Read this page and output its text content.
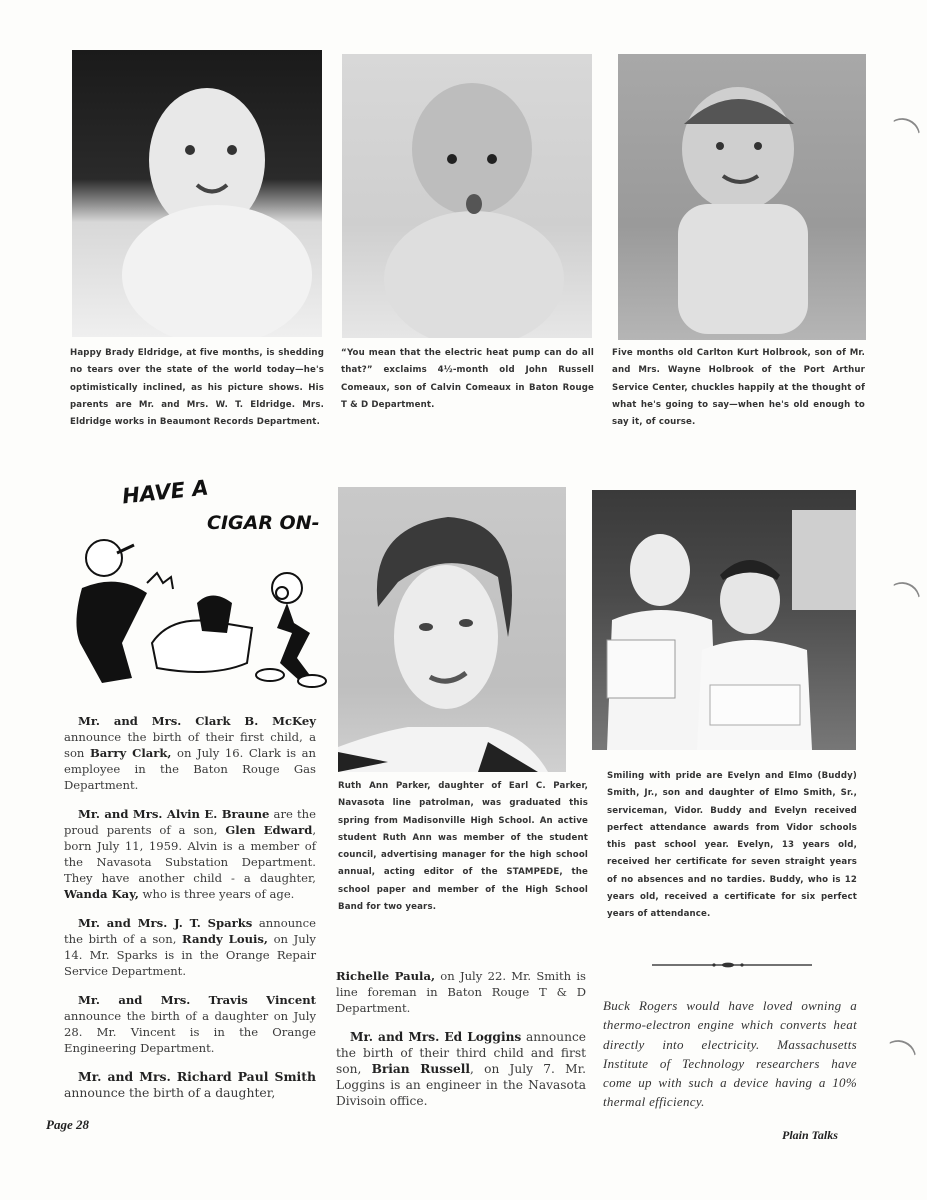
Happy Brady Eldridge, at five months, is shedding no tears over the state of the world today—he's optimistically inclined, as his picture shows. His parents are Mr. and Mrs. W. T. Eldridge. Mrs. Eldridge works in Beaumont Records Department.
“You mean that the electric heat pump can do all that?” exclaims 4½-month old John Russell Comeaux, son of Calvin Comeaux in Baton Rouge T & D Department.
Five months old Carlton Kurt Holbrook, son of Mr. and Mrs. Wayne Holbrook of the Port Arthur Service Center, chuckles happily at the thought of what he's going to say—when he's old enough to say it, of course.
HAVE A
CIGAR ON-

Mr. and Mrs. Clark B. McKey announce the birth of their first child, a son Barry Clark, on July 16. Clark is an employee in the Baton Rouge Gas Department.

Mr. and Mrs. Alvin E. Braune are the proud parents of a son, Glen Edward, born July 11, 1959. Alvin is a member of the Navasota Substation Department. They have another child - a daughter, Wanda Kay, who is three years of age.

Mr. and Mrs. J. T. Sparks announce the birth of a son, Randy Louis, on July 14. Mr. Sparks is in the Orange Repair Service Department.

Mr. and Mrs. Travis Vincent announce the birth of a daughter on July 28. Mr. Vincent is in the Orange Engineering Department.

Mr. and Mrs. Richard Paul Smith announce the birth of a daughter,

Ruth Ann Parker, daughter of Earl C. Parker, Navasota line patrolman, was graduated this spring from Madisonville High School. An active student Ruth Ann was member of the student council, advertising manager for the high school annual, acting editor of the STAMPEDE, the school paper and member of the High School Band for two years.

Richelle Paula, on July 22. Mr. Smith is line foreman in Baton Rouge T & D Department.

Mr. and Mrs. Ed Loggins announce the birth of their third child and first son, Brian Russell, on July 7. Mr. Loggins is an engineer in the Navasota Divisoin office.

Smiling with pride are Evelyn and Elmo (Buddy) Smith, Jr., son and daughter of Elmo Smith, Sr., serviceman, Vidor. Buddy and Evelyn received perfect attendance awards from Vidor schools this past school year. Evelyn, 13 years old, received her certificate for seven straight years of no absences and no tardies. Buddy, who is 12 years old, received a certificate for six perfect years of attendance.
Buck Rogers would have loved owning a thermo-electron engine which converts heat directly into electricity. Massachusetts Institute of Technology researchers have come up with such a device having a 10% thermal efficiency.
Page 28
Plain Talks
